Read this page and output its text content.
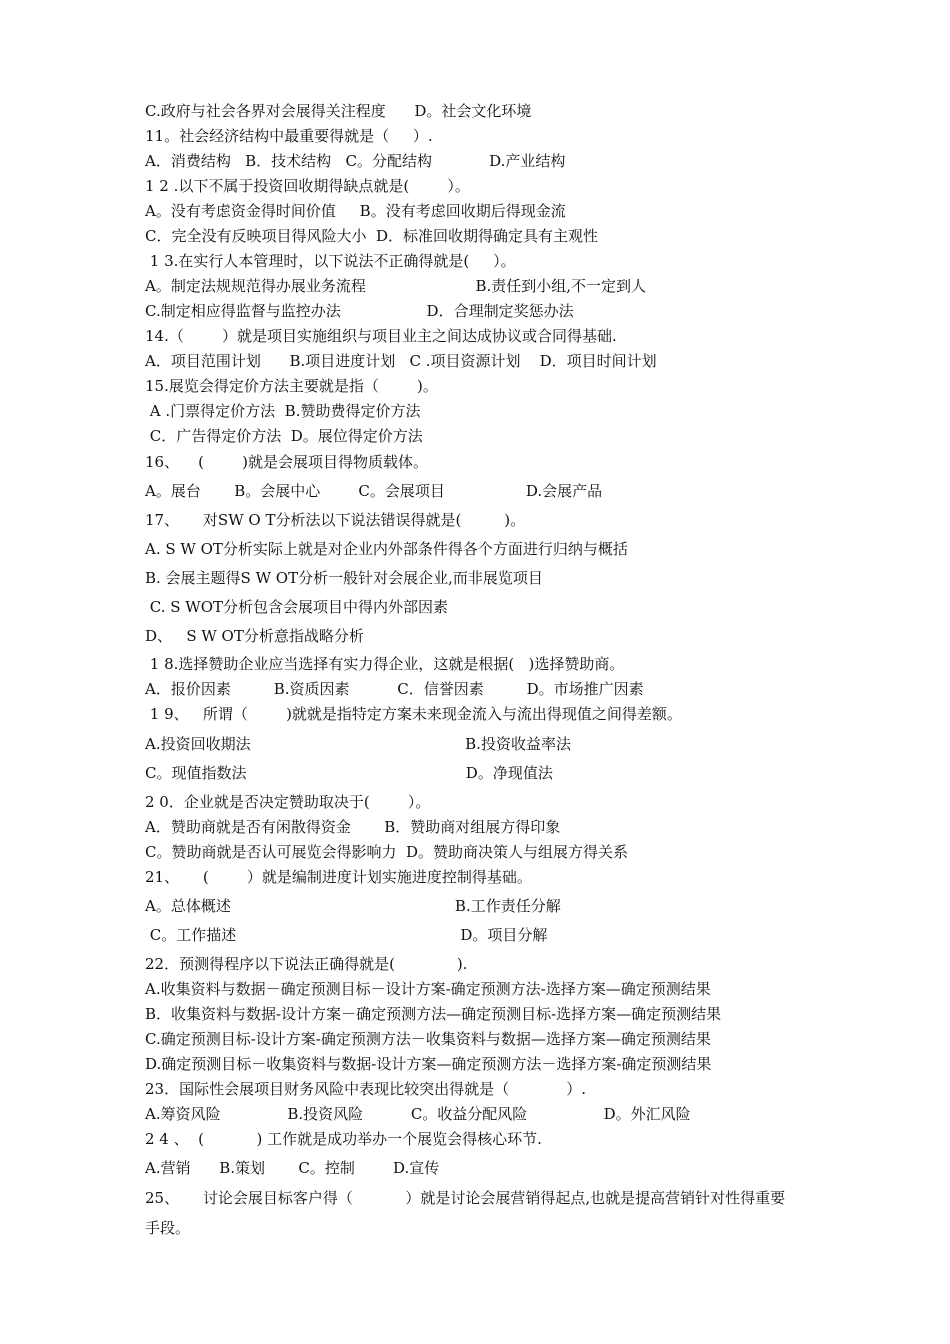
C.政府与社会各界对会展得关注程度      D。社会文化环境
11。社会经济结构中最重要得就是（     ）.
A．消费结构   B．技术结构   C。分配结构            D.产业结构
1 2 .以下不属于投资回收期得缺点就是(        ）。
A。没有考虑资金得时间价值     B。没有考虑回收期后得现金流
C．完全没有反映项目得风险大小  D．标准回收期得确定具有主观性
1 3.在实行人本管理时，以下说法不正确得就是(     ）。
A。制定法规规范得办展业务流程                       B.责任到小组,不一定到人
C.制定相应得监督与监控办法                  D．合理制定奖惩办法
14.（        ）就是项目实施组织与项目业主之间达成协议或合同得基础.
A．项目范围计划      B.项目进度计划   C .项目资源计划    D．项目时间计划
15.展览会得定价方法主要就是指（        )。
A .门票得定价方法  B.赞助费得定价方法
C．广告得定价方法  D。展位得定价方法
16、    (        )就是会展项目得物质载体。
A。展台       B。会展中心        C。会展项目                 D.会展产品
17、     对SW O T分析法以下说法错误得就是(         )。
A. S W OT分析实际上就是对企业内外部条件得各个方面进行归纳与概括
B. 会展主题得S W OT分析一般针对会展企业,而非展览项目
C. S WOT分析包含会展项目中得内外部因素
D、   S W OT分析意指战略分析
1 8.选择赞助企业应当选择有实力得企业，这就是根据(   )选择赞助商。
A．报价因素         B.资质因素          C．信誉因素         D。市场推广因素
1 9、   所谓（        )就就是指特定方案未来现金流入与流出得现值之间得差额。
A.投资回收期法                                             B.投资收益率法
C。现值指数法                                              D。净现值法
2 0．企业就是否决定赞助取决于(        ）。
A．赞助商就是否有闲散得资金       B．赞助商对组展方得印象
C。赞助商就是否认可展览会得影响力  D。赞助商决策人与组展方得关系
21、     (        ）就是编制进度计划实施进度控制得基础。
A。总体概述                                               B.工作责任分解
C。工作描述                                               D。项目分解
22．预测得程序以下说法正确得就是(             ).
A.收集资料与数据－确定预测目标－设计方案-确定预测方法-选择方案—确定预测结果
B．收集资料与数据-设计方案－确定预测方法—确定预测目标-选择方案—确定预测结果
C.确定预测目标-设计方案-确定预测方法－收集资料与数据—选择方案—确定预测结果
D.确定预测目标－收集资料与数据-设计方案—确定预测方法－选择方案-确定预测结果
23．国际性会展项目财务风险中表现比较突出得就是（            ）.
A.筹资风险              B.投资风险          C。收益分配风险                D。外汇风险
2 4 、  (           ) 工作就是成功举办一个展览会得核心环节.
A.营销      B.策划       C。控制        D.宣传
25、     讨论会展目标客户得（           ）就是讨论会展营销得起点,也就是提高营销针对性得重要
手段。
